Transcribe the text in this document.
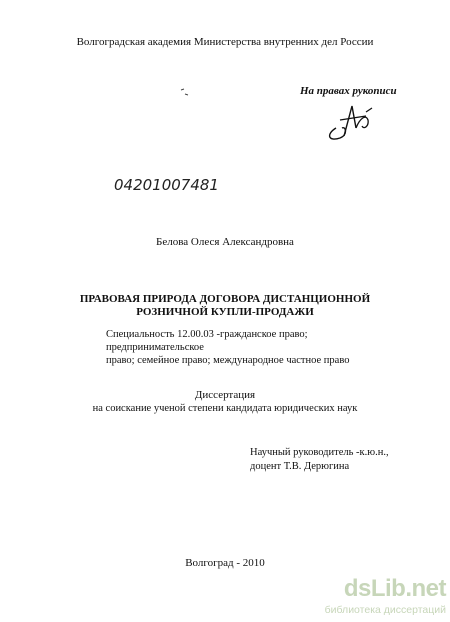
Волгоградская академия Министерства внутренних дел России
На правах рукописи
04201007481
Белова Олеся Александровна
ПРАВОВАЯ ПРИРОДА ДОГОВОРА ДИСТАНЦИОННОЙ
РОЗНИЧНОЙ КУПЛИ-ПРОДАЖИ
Специальность 12.00.03 -гражданское право; предпринимательское
право; семейное право; международное частное право
Диссертация
на соискание ученой степени кандидата юридических наук
Научный руководитель -к.ю.н.,
доцент Т.В. Дерюгина
Волгоград - 2010
dsLib.net
библиотека диссертаций
